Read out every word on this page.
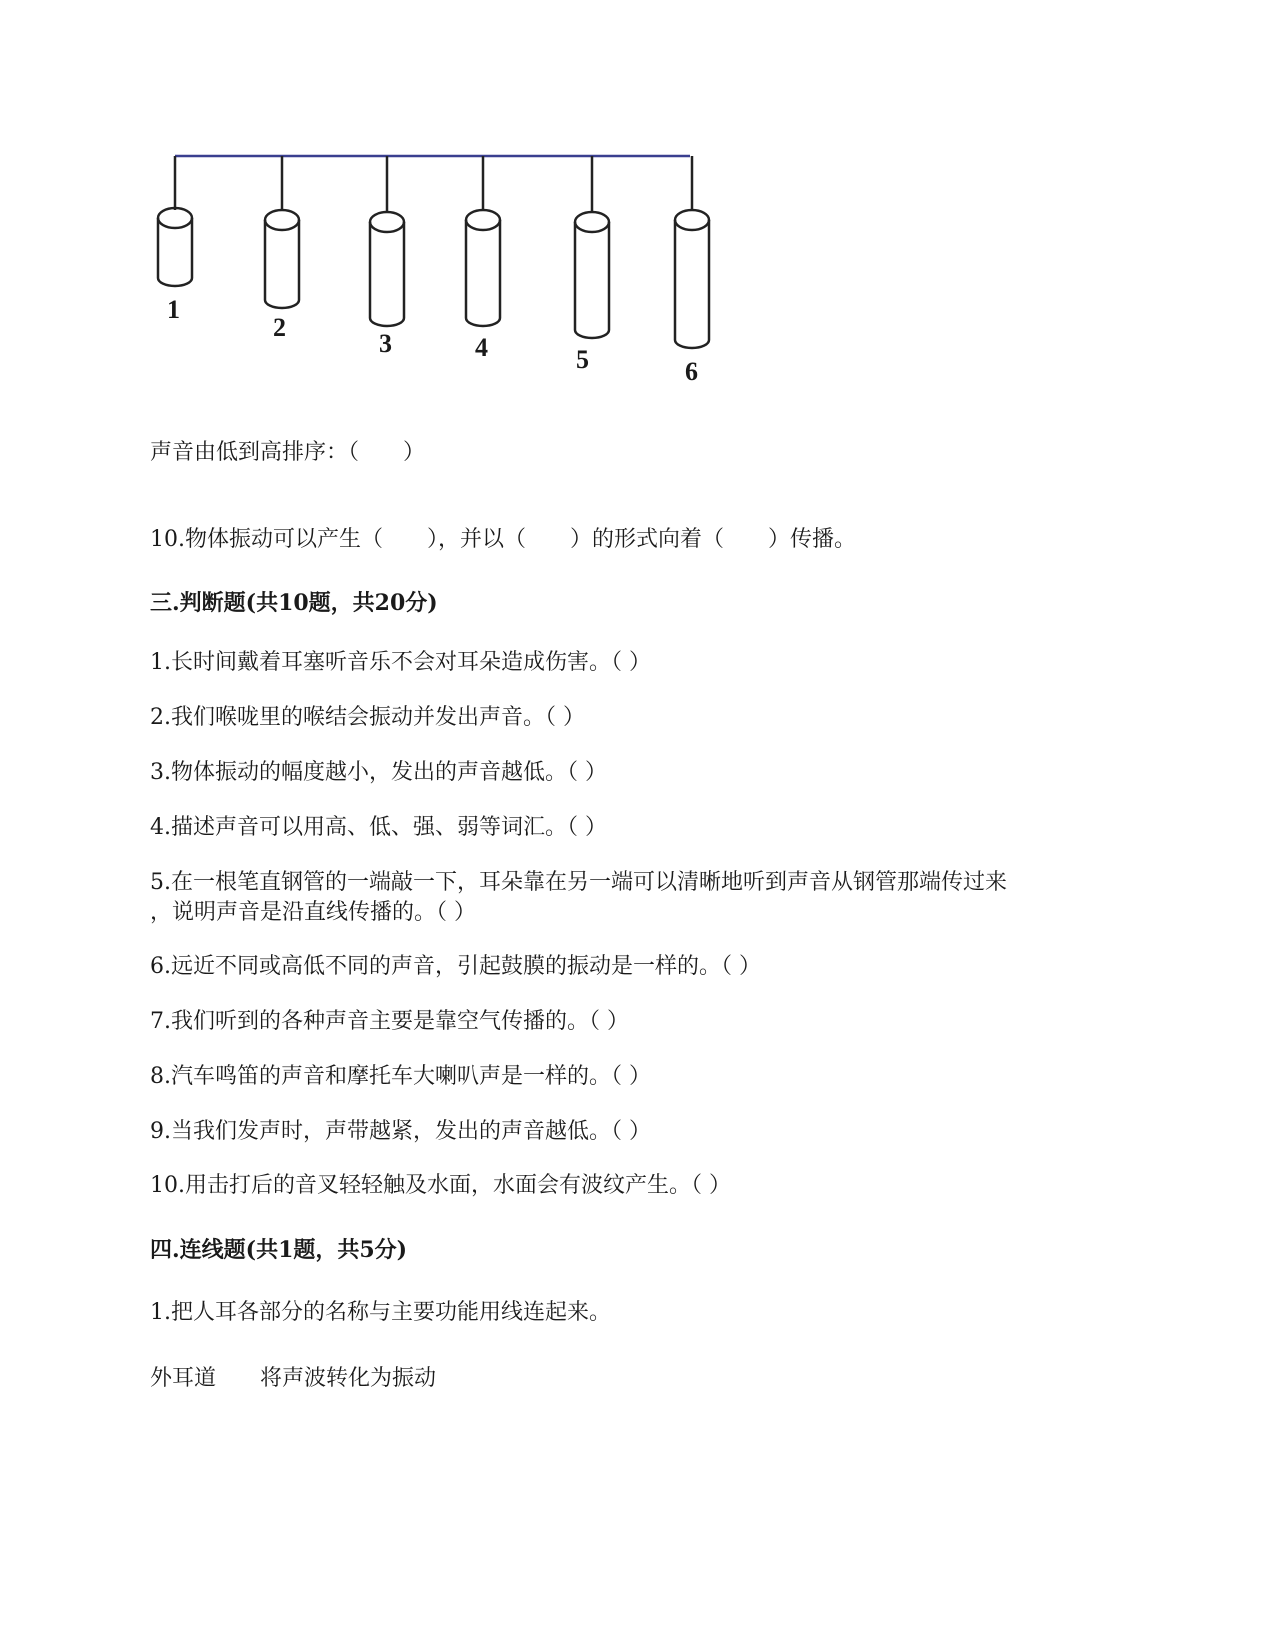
1
2
3	4	5	6
声音由低到高排序：（　　）
10.物体振动可以产生（　　），并以（　　）的形式向着（　　）传播。
三.判断题(共10题，共20分)
1.长时间戴着耳塞听音乐不会对耳朵造成伤害。（ ）
2.我们喉咙里的喉结会振动并发出声音。（ ）
3.物体振动的幅度越小，发出的声音越低。（ ）
4.描述声音可以用高、低、强、弱等词汇。（ ）
5.在一根笔直钢管的一端敲一下，耳朵靠在另一端可以清晰地听到声音从钢管那端传过来
，说明声音是沿直线传播的。（ ）
6.远近不同或高低不同的声音，引起鼓膜的振动是一样的。（ ）
7.我们听到的各种声音主要是靠空气传播的。（ ）
8.汽车鸣笛的声音和摩托车大喇叭声是一样的。（ ）
9.当我们发声时，声带越紧，发出的声音越低。（ ）
10.用击打后的音叉轻轻触及水面，水面会有波纹产生。（ ）
四.连线题(共1题，共5分)
1.把人耳各部分的名称与主要功能用线连起来。
外耳道　　将声波转化为振动
